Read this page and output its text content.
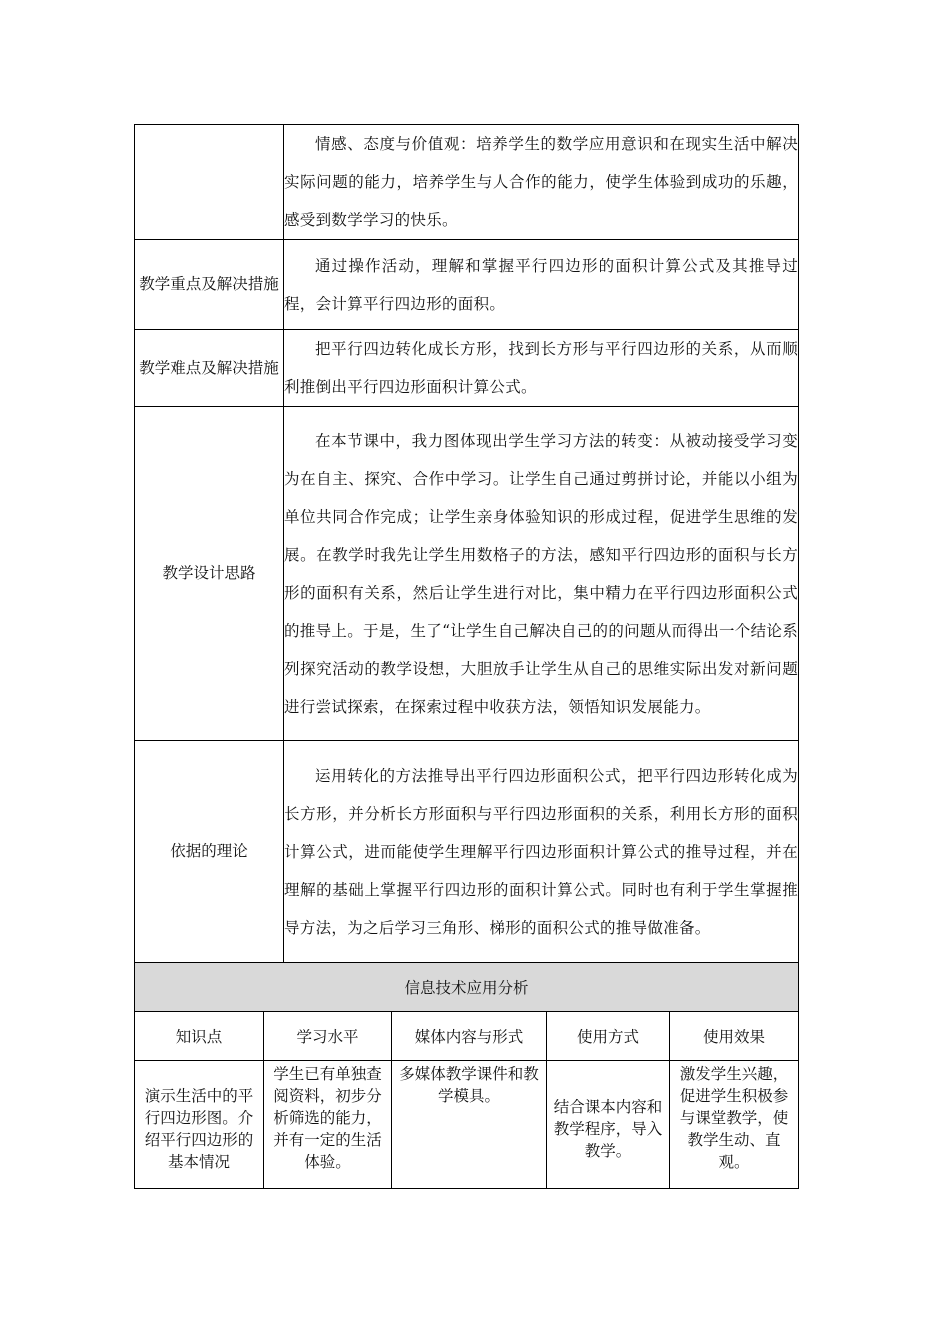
		情感、态度与价值观：培养学生的数学应用意识和在现实生活中解决实际问题的能力，培养学生与人合作的能力，使学生体验到成功的乐趣，感受到数学学习的快乐。			
教学重点及解决措施		通过操作活动，理解和掌握平行四边形的面积计算公式及其推导过程，会计算平行四边形的面积。			
教学难点及解决措施		把平行四边转化成长方形，找到长方形与平行四边形的关系，从而顺利推倒出平行四边形面积计算公式。			
教学设计思路		在本节课中，我力图体现出学生学习方法的转变：从被动接受学习变为在自主、探究、合作中学习。让学生自己通过剪拼讨论，并能以小组为单位共同合作完成；让学生亲身体验知识的形成过程，促进学生思维的发展。在教学时我先让学生用数格子的方法，感知平行四边形的面积与长方形的面积有关系，然后让学生进行对比，集中精力在平行四边形面积公式的推导上。于是，生了“让学生自己解决自己的的问题从而得出一个结论系列探究活动的教学设想，大胆放手让学生从自己的思维实际出发对新问题进行尝试探索，在探索过程中收获方法，领悟知识发展能力。			
依据的理论		运用转化的方法推导出平行四边形面积公式，把平行四边形转化成为长方形，并分析长方形面积与平行四边形面积的关系，利用长方形的面积计算公式，进而能使学生理解平行四边形面积计算公式的推导过程，并在理解的基础上掌握平行四边形的面积计算公式。同时也有利于学生掌握推导方法，为之后学习三角形、梯形的面积公式的推导做准备。			
信息技术应用分析					
知识点	学习水平		媒体内容与形式	使用方式	使用效果
演示生活中的平行四边形图。介绍平行四边形的基本情况	学生已有单独查阅资料，初步分析筛选的能力，并有一定的生活体验。		多媒体教学课件和教学模具。	结合课本内容和教学程序，导入教学。	激发学生兴趣，促进学生积极参与课堂教学，使教学生动、直观。
